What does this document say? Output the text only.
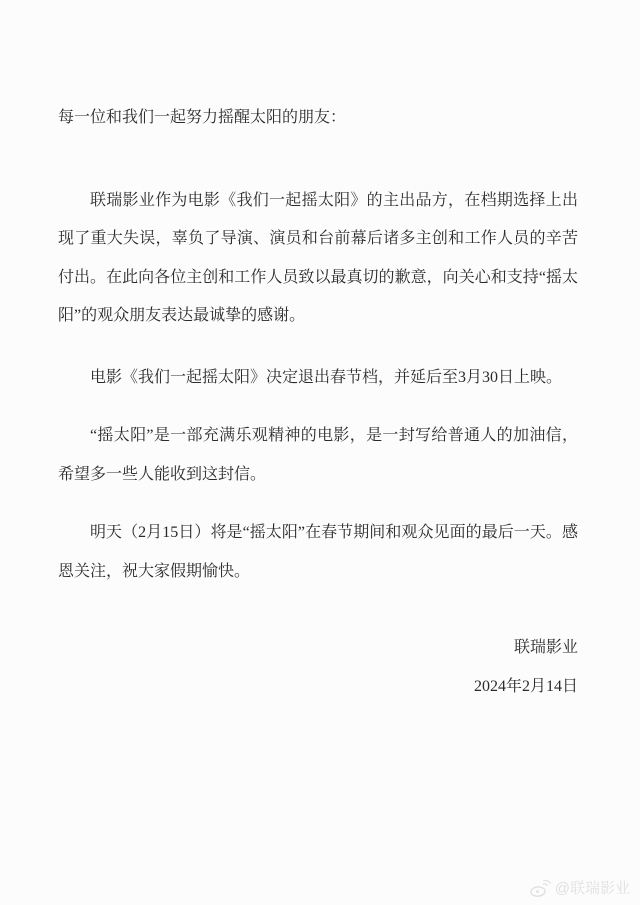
每一位和我们一起努力摇醒太阳的朋友：

联瑞影业作为电影《我们一起摇太阳》的主出品方，在档期选择上出现了重大失误，辜负了导演、演员和台前幕后诸多主创和工作人员的辛苦付出。在此向各位主创和工作人员致以最真切的歉意，向关心和支持“摇太阳”的观众朋友表达最诚挚的感谢。

电影《我们一起摇太阳》决定退出春节档，并延后至3月30日上映。

“摇太阳”是一部充满乐观精神的电影，是一封写给普通人的加油信，希望多一些人能收到这封信。

明天（2月15日）将是“摇太阳”在春节期间和观众见面的最后一天。感恩关注，祝大家假期愉快。

联瑞影业

2024年2月14日

@联瑞影业
